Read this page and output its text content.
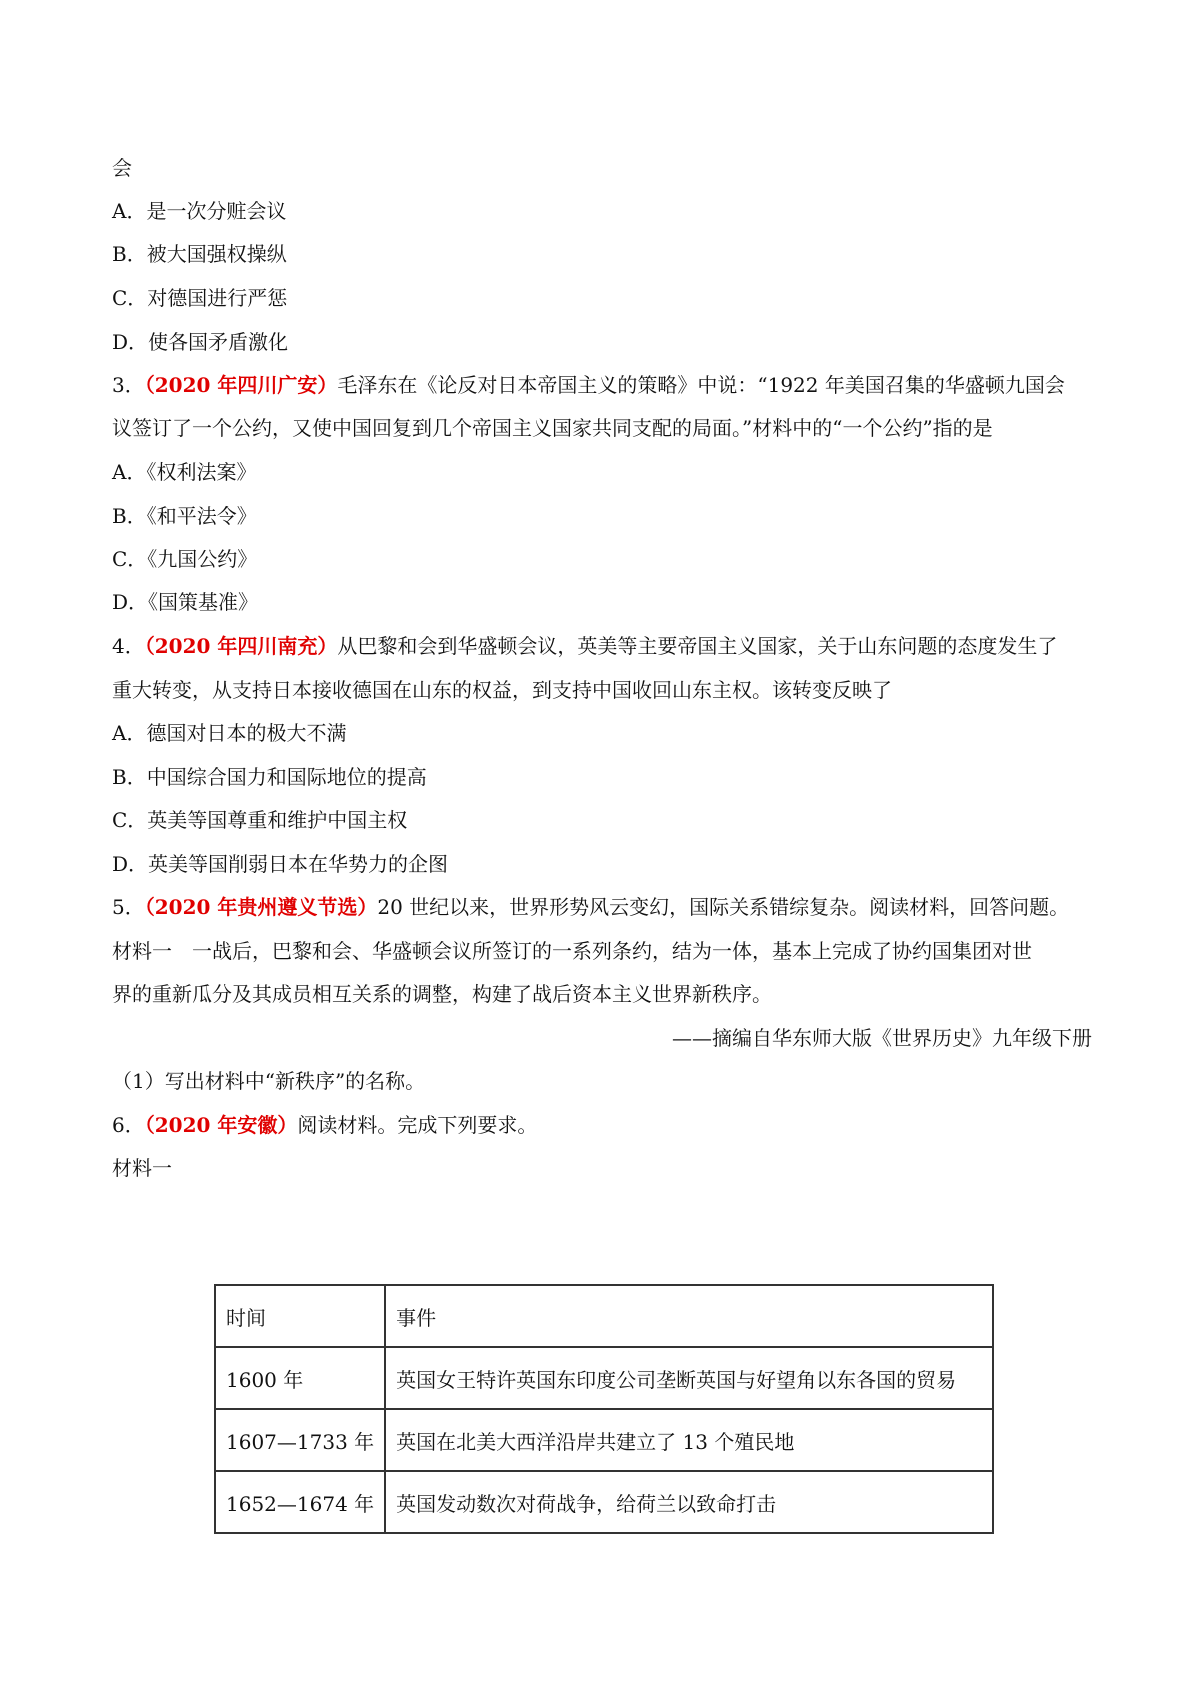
会
A．是一次分赃会议
B．被大国强权操纵
C．对德国进行严惩
D．使各国矛盾激化
3．（2020 年四川广安）毛泽东在《论反对日本帝国主义的策略》中说：“1922 年美国召集的华盛顿九国会
议签订了一个公约，又使中国回复到几个帝国主义国家共同支配的局面。”材料中的“一个公约”指的是
A．《权利法案》
B．《和平法令》
C．《九国公约》
D．《国策基准》
4．（2020 年四川南充）从巴黎和会到华盛顿会议，英美等主要帝国主义国家，关于山东问题的态度发生了
重大转变，从支持日本接收德国在山东的权益，到支持中国收回山东主权。该转变反映了
A．德国对日本的极大不满
B．中国综合国力和国际地位的提高
C．英美等国尊重和维护中国主权
D．英美等国削弱日本在华势力的企图
5．（2020 年贵州遵义节选）20 世纪以来，世界形势风云变幻，国际关系错综复杂。阅读材料，回答问题。
材料一　一战后，巴黎和会、华盛顿会议所签订的一系列条约，结为一体，基本上完成了协约国集团对世
界的重新瓜分及其成员相互关系的调整，构建了战后资本主义世界新秩序。
——摘编自华东师大版《世界历史》九年级下册
（1）写出材料中“新秩序”的名称。
6．（2020 年安徽）阅读材料。完成下列要求。
材料一
时间	事件
1600 年	英国女王特许英国东印度公司垄断英国与好望角以东各国的贸易
1607—1733 年	英国在北美大西洋沿岸共建立了 13 个殖民地
1652—1674 年	英国发动数次对荷战争，给荷兰以致命打击
